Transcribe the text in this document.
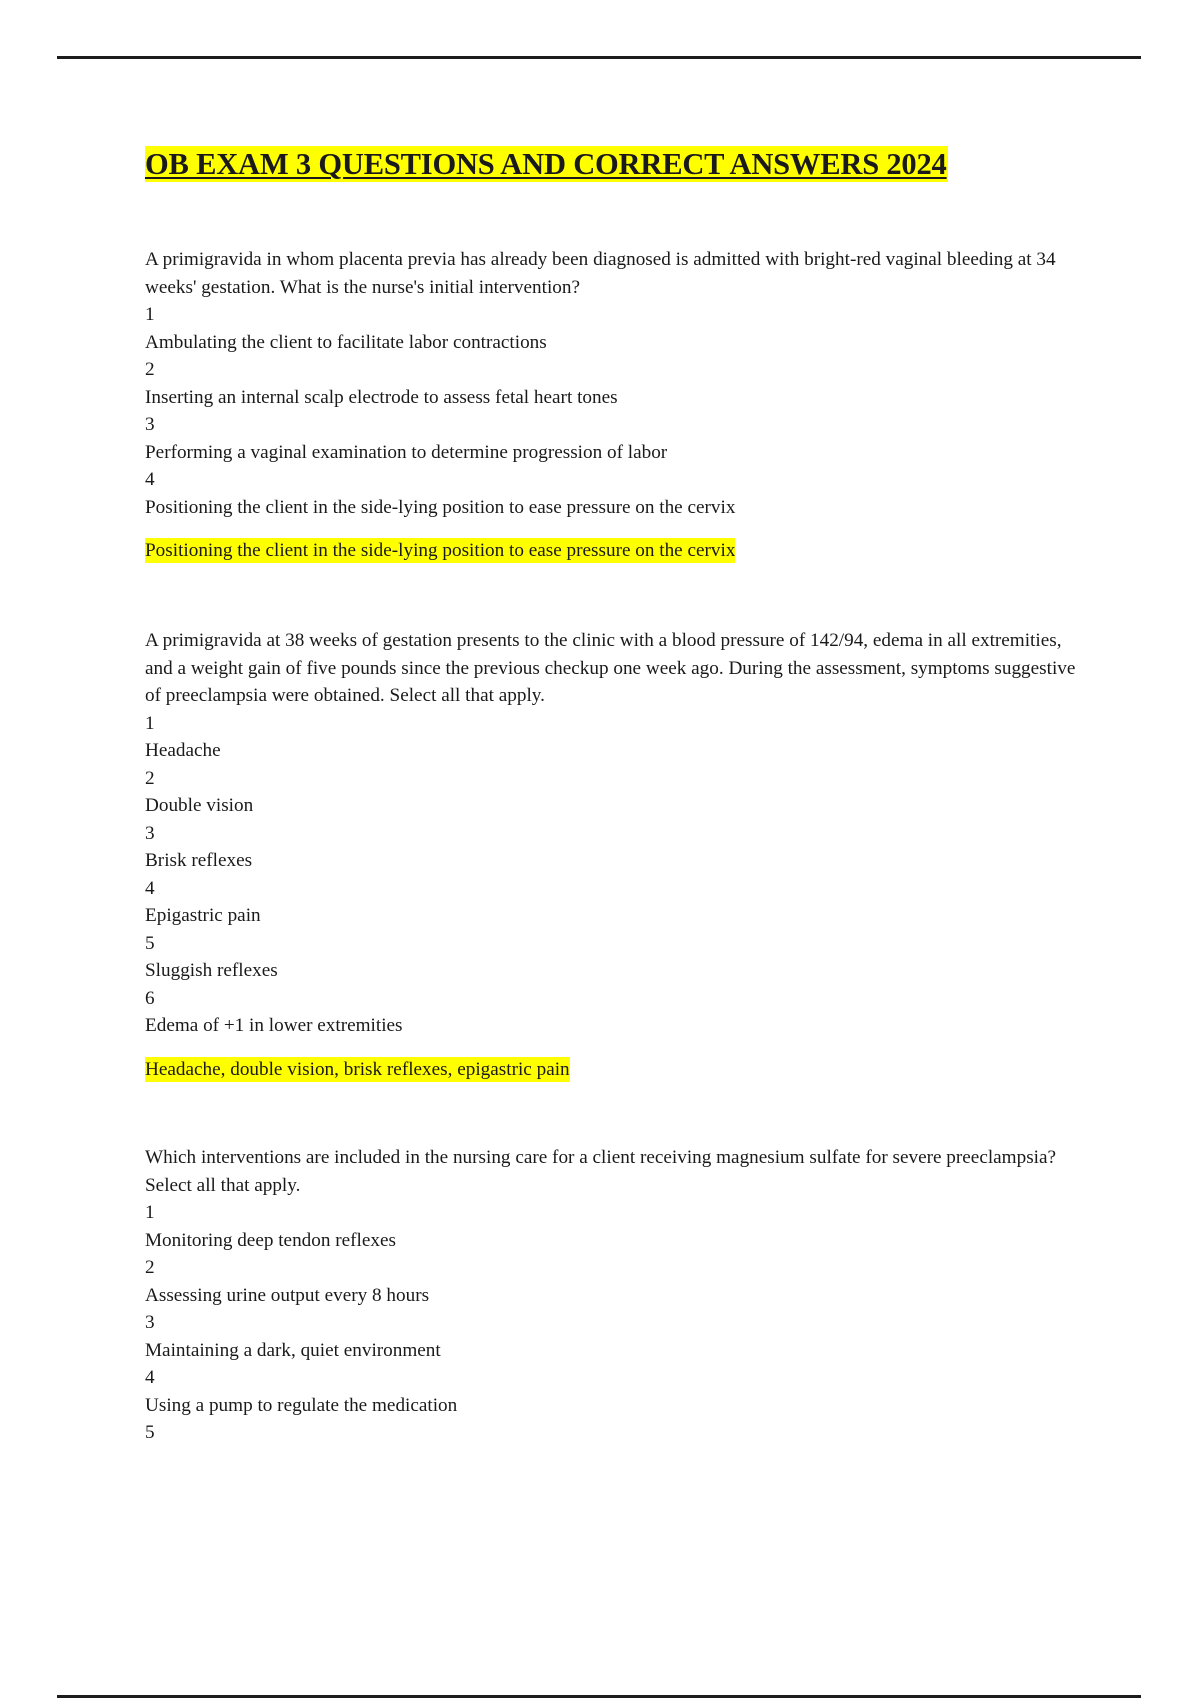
OB EXAM 3 QUESTIONS AND CORRECT ANSWERS 2024

A primigravida in whom placenta previa has already been diagnosed is admitted with bright-red vaginal bleeding at 34 weeks' gestation. What is the nurse's initial intervention?

1

Ambulating the client to facilitate labor contractions

2

Inserting an internal scalp electrode to assess fetal heart tones

3

Performing a vaginal examination to determine progression of labor

4

Positioning the client in the side-lying position to ease pressure on the cervix

Positioning the client in the side-lying position to ease pressure on the cervix

A primigravida at 38 weeks of gestation presents to the clinic with a blood pressure of 142/94, edema in all extremities, and a weight gain of five pounds since the previous checkup one week ago. During the assessment, symptoms suggestive of preeclampsia were obtained. Select all that apply.

1

Headache

2

Double vision

3

Brisk reflexes

4

Epigastric pain

5

Sluggish reflexes

6

Edema of +1 in lower extremities

Headache, double vision, brisk reflexes, epigastric pain

Which interventions are included in the nursing care for a client receiving magnesium sulfate for severe preeclampsia? Select all that apply.

1

Monitoring deep tendon reflexes

2

Assessing urine output every 8 hours

3

Maintaining a dark, quiet environment

4

Using a pump to regulate the medication

5
